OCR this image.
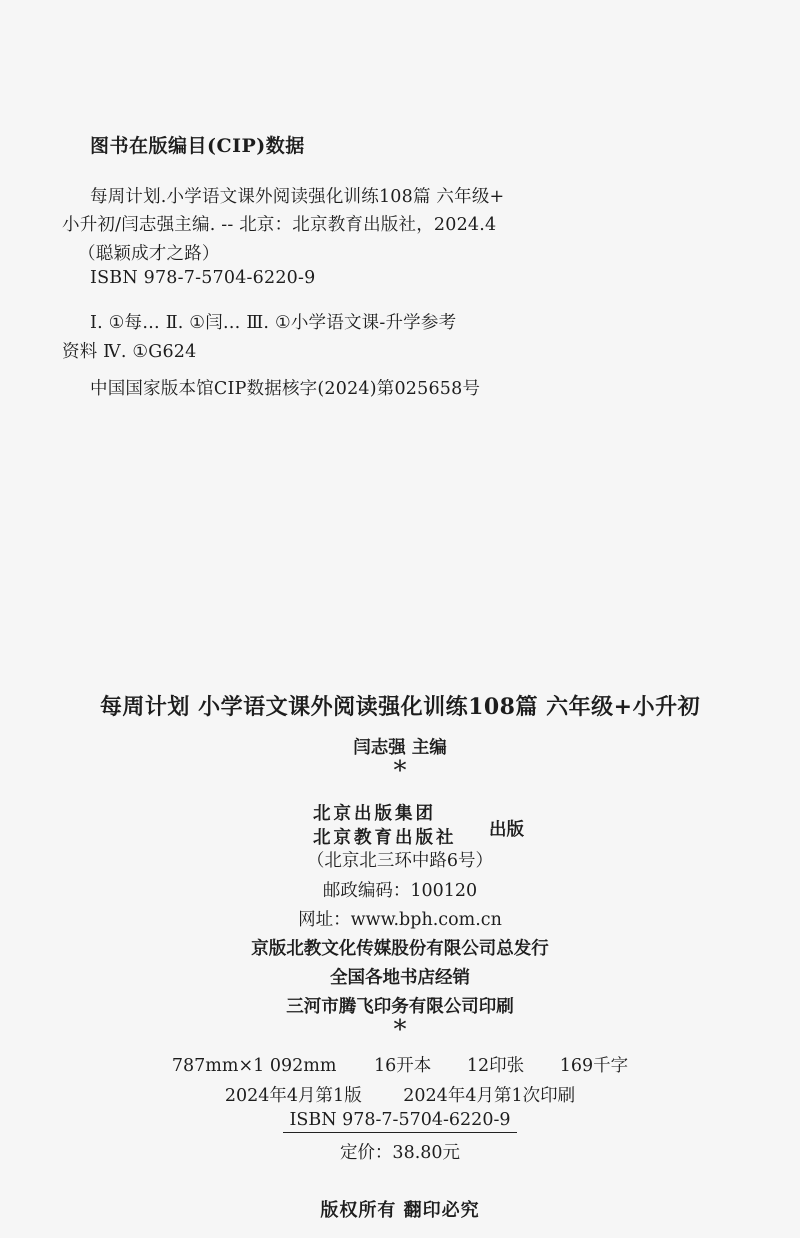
图书在版编目(CIP)数据
每周计划.小学语文课外阅读强化训练108篇 六年级+
小升初/闫志强主编. -- 北京：北京教育出版社，2024.4
（聪颖成才之路）
ISBN 978-7-5704-6220-9
Ⅰ. ①每… Ⅱ. ①闫… Ⅲ. ①小学语文课-升学参考
资料 Ⅳ. ①G624
中国国家版本馆CIP数据核字(2024)第025658号
每周计划 小学语文课外阅读强化训练108篇 六年级+小升初
闫志强 主编
*
北京出版集团
北京教育出版社 出版
（北京北三环中路6号）
邮政编码：100120
网址：www.bph.com.cn
京版北教文化传媒股份有限公司总发行
全国各地书店经销
三河市腾飞印务有限公司印刷
*
787mm×1 092mm 16开本 12印张 169千字
2024年4月第1版 2024年4月第1次印刷
ISBN 978-7-5704-6220-9
定价：38.80元
版权所有 翻印必究
